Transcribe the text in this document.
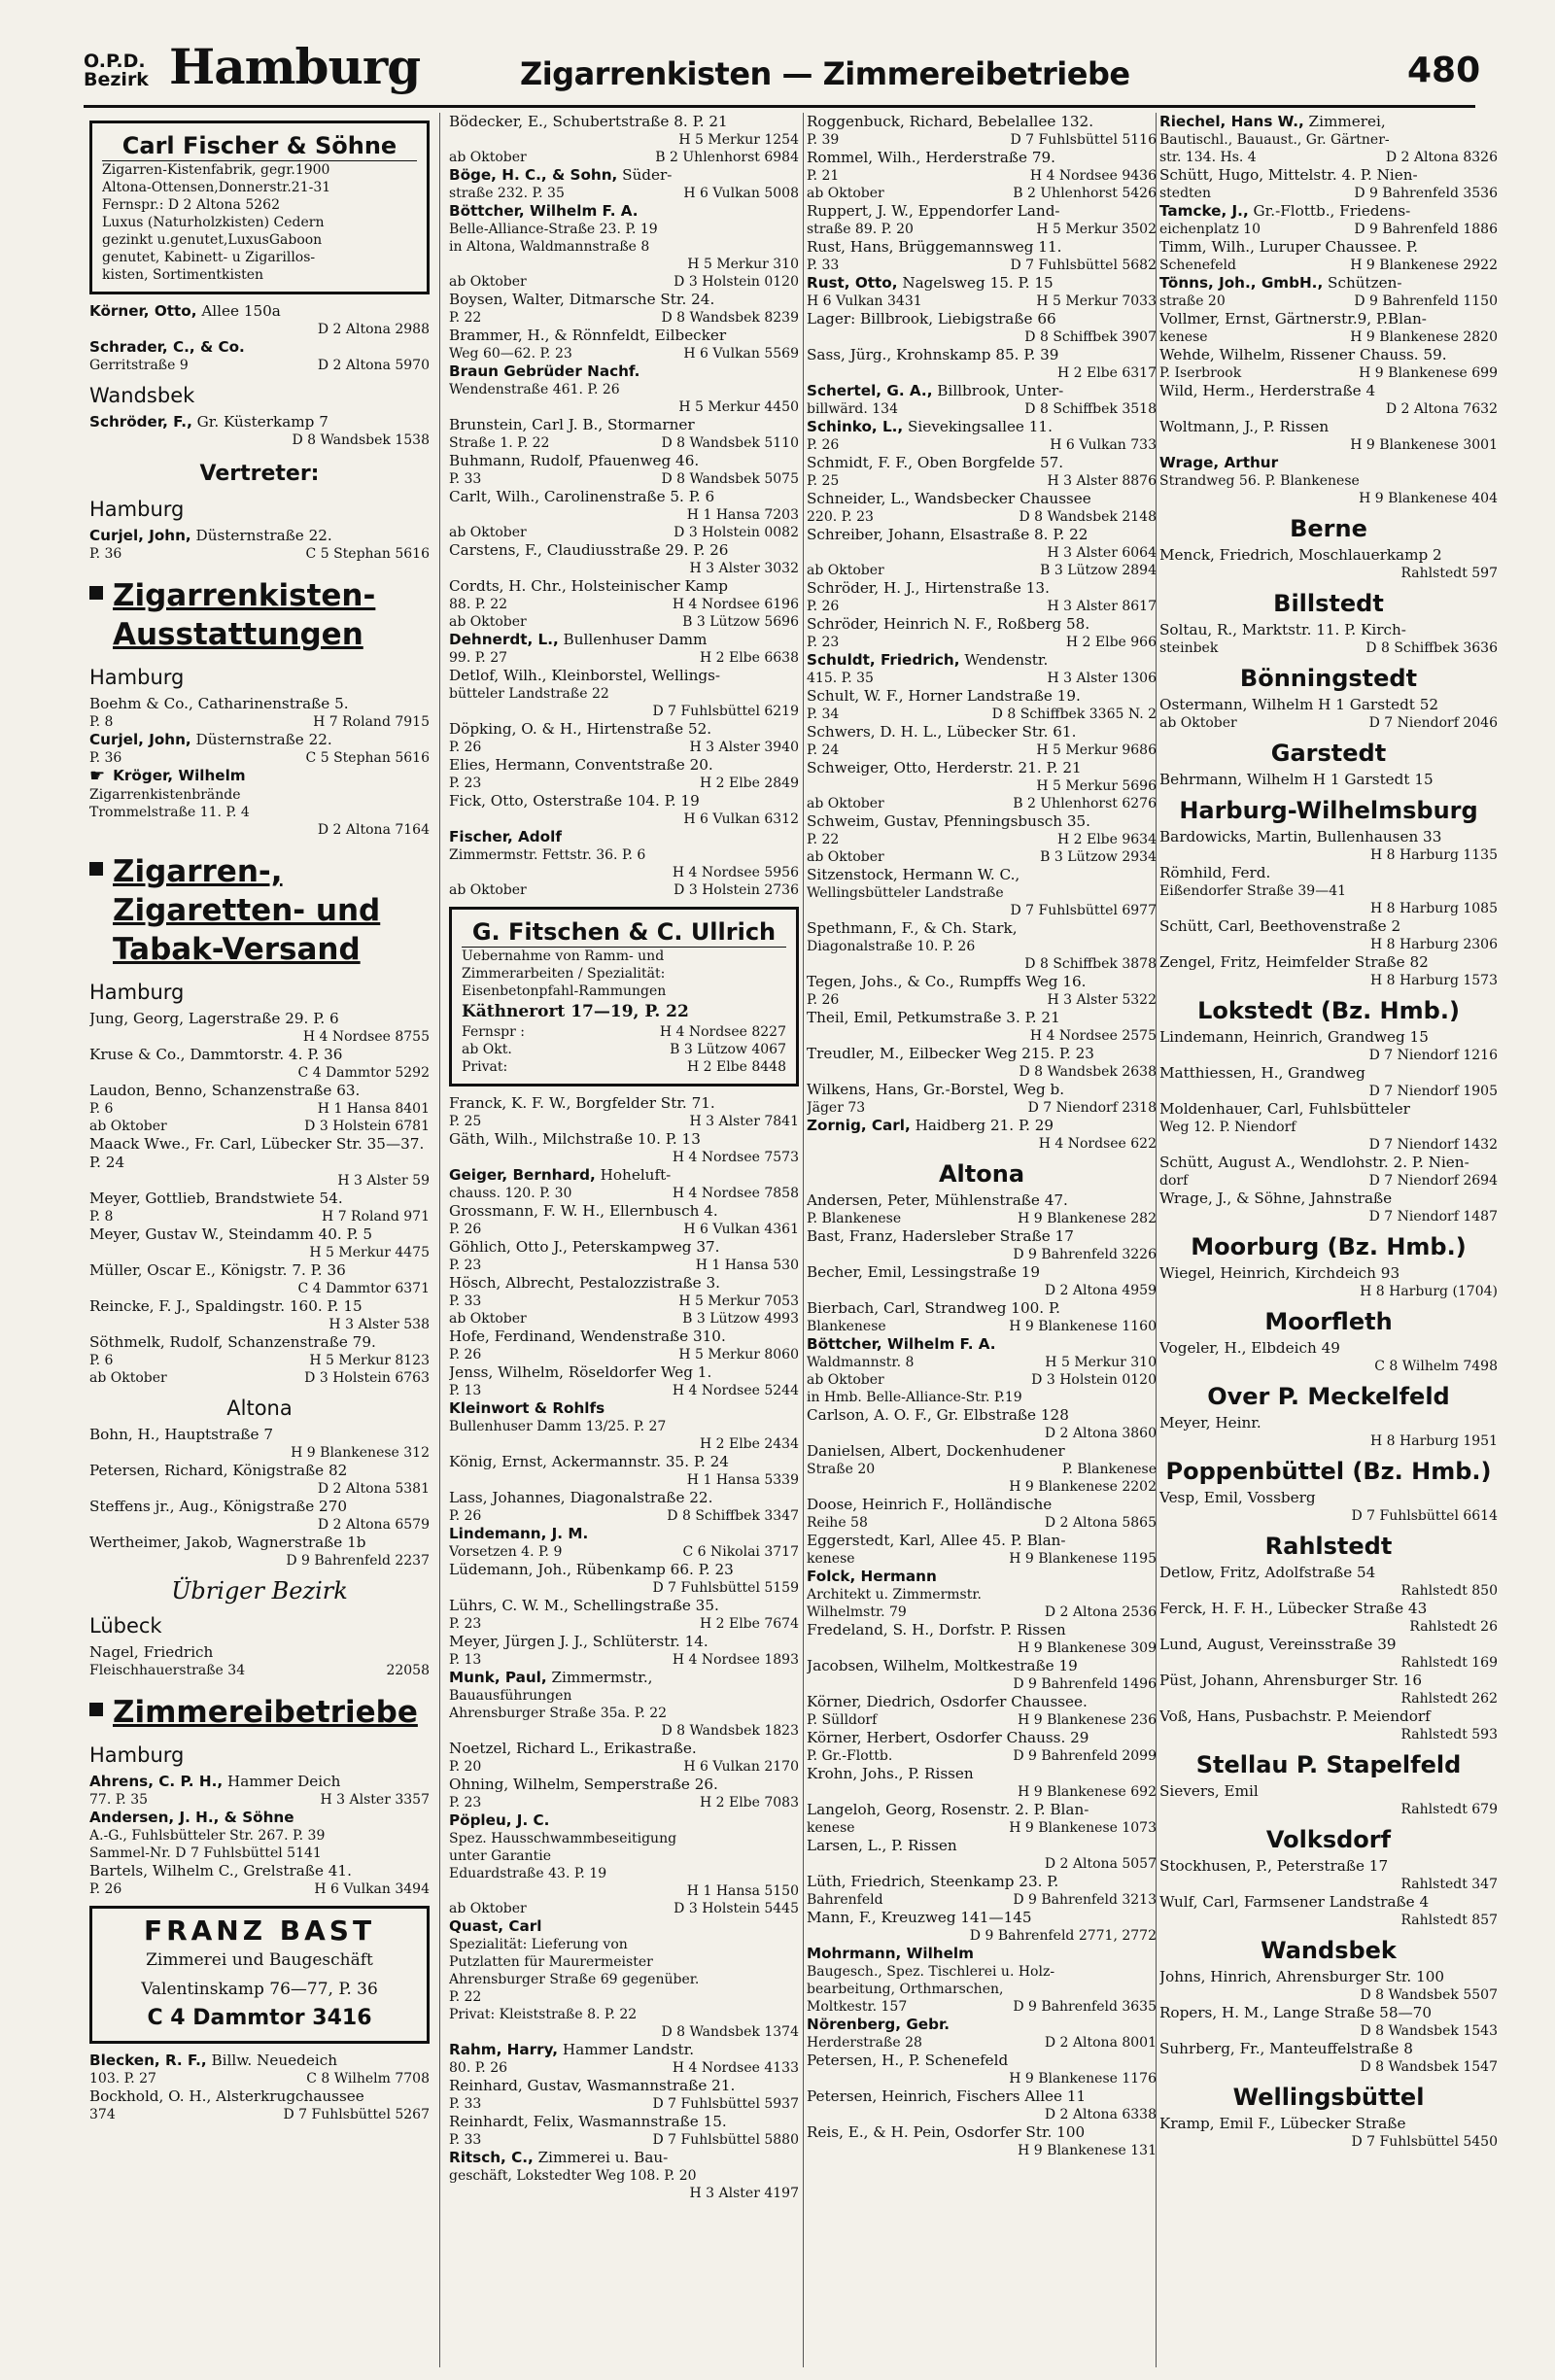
O.P.D.
Bezirk Hamburg	Zigarrenkisten — Zimmereibetriebe	480
Carl Fischer & Söhne
Zigarren-Kistenfabrik, gegr.1900
Altona-Ottensen,Donnerstr.21-31
Fernspr.: D 2 Altona 5262
Luxus (Naturholzkisten) Cedern
gezinkt u.genutet,LuxusGaboon
genutet, Kabinett- u Zigarillos-
kisten, Sortimentkisten
Körner, Otto, Allee 150a
D 2 Altona 2988
Schrader, C., & Co.
Gerritstraße 9	D 2 Altona 5970
Wandsbek
Schröder, F., Gr. Küsterkamp 7
D 8 Wandsbek 1538
Vertreter:
Hamburg
Curjel, John, Düsternstraße 22.
P. 36	C 5 Stephan 5616
Zigarrenkisten-Ausstattungen
Hamburg
Boehm & Co., Catharinenstraße 5.
P. 8	H 7 Roland 7915
Curjel, John, Düsternstraße 22.
P. 36	C 5 Stephan 5616
☛ Kröger, Wilhelm
Zigarrenkistenbrände
Trommelstraße 11. P. 4
D 2 Altona 7164
Zigarren-, Zigaretten- und Tabak-Versand
Hamburg
Jung, Georg, Lagerstraße 29. P. 6
H 4 Nordsee 8755
Kruse & Co., Dammtorstr. 4. P. 36
C 4 Dammtor 5292
Laudon, Benno, Schanzenstraße 63.
P. 6	H 1 Hansa 8401
ab Oktober	D 3 Holstein 6781
Maack Wwe., Fr. Carl, Lübecker Str. 35—37. P. 24
H 3 Alster 59
Meyer, Gottlieb, Brandstwiete 54.
P. 8	H 7 Roland 971
Meyer, Gustav W., Steindamm 40. P. 5
H 5 Merkur 4475
Müller, Oscar E., Königstr. 7. P. 36
C 4 Dammtor 6371
Reincke, F. J., Spaldingstr. 160. P. 15
H 3 Alster 538
Söthmelk, Rudolf, Schanzenstraße 79.
P. 6	H 5 Merkur 8123
ab Oktober	D 3 Holstein 6763
Altona
Bohn, H., Hauptstraße 7
H 9 Blankenese 312
Petersen, Richard, Königstraße 82
D 2 Altona 5381
Steffens jr., Aug., Königstraße 270
D 2 Altona 6579
Wertheimer, Jakob, Wagnerstraße 1b
D 9 Bahrenfeld 2237
Übriger Bezirk
Lübeck
Nagel, Friedrich
Fleischhauerstraße 34	22058
Zimmereibetriebe
Hamburg
Ahrens, C. P. H., Hammer Deich
77. P. 35	H 3 Alster 3357
Andersen, J. H., & Söhne
A.-G., Fuhlsbütteler Str. 267. P. 39
Sammel-Nr. D 7 Fuhlsbüttel 5141
Bartels, Wilhelm C., Grelstraße 41.
P. 26	H 6 Vulkan 3494
FRANZ BAST
Zimmerei und Baugeschäft
Valentinskamp 76—77, P. 36
C 4 Dammtor 3416
Blecken, R. F., Billw. Neuedeich
103. P. 27	C 8 Wilhelm 7708
Bockhold, O. H., Alsterkrugchaussee
374	D 7 Fuhlsbüttel 5267
Bödecker, E., Schubertstraße 8. P. 21
H 5 Merkur 1254
ab Oktober	B 2 Uhlenhorst 6984
Böge, H. C., & Sohn, Süder-
straße 232. P. 35	H 6 Vulkan 5008
Böttcher, Wilhelm F. A.
Belle-Alliance-Straße 23. P. 19
in Altona, Waldmannstraße 8
H 5 Merkur 310
ab Oktober	D 3 Holstein 0120
Boysen, Walter, Ditmarsche Str. 24.
P. 22	D 8 Wandsbek 8239
Brammer, H., & Rönnfeldt, Eilbecker
Weg 60—62. P. 23	H 6 Vulkan 5569
Braun Gebrüder Nachf.
Wendenstraße 461. P. 26
H 5 Merkur 4450
Brunstein, Carl J. B., Stormarner
Straße 1. P. 22	D 8 Wandsbek 5110
Buhmann, Rudolf, Pfauenweg 46.
P. 33	D 8 Wandsbek 5075
Carlt, Wilh., Carolinenstraße 5. P. 6
H 1 Hansa 7203
ab Oktober	D 3 Holstein 0082
Carstens, F., Claudiusstraße 29. P. 26
H 3 Alster 3032
Cordts, H. Chr., Holsteinischer Kamp
88. P. 22	H 4 Nordsee 6196
ab Oktober	B 3 Lützow 5696
Dehnerdt, L., Bullenhuser Damm
99. P. 27	H 2 Elbe 6638
Detlof, Wilh., Kleinborstel, Wellings-
bütteler Landstraße 22
D 7 Fuhlsbüttel 6219
Döpking, O. & H., Hirtenstraße 52.
P. 26	H 3 Alster 3940
Elies, Hermann, Conventstraße 20.
P. 23	H 2 Elbe 2849
Fick, Otto, Osterstraße 104. P. 19
H 6 Vulkan 6312
Fischer, Adolf
Zimmermstr. Fettstr. 36. P. 6
H 4 Nordsee 5956
ab Oktober	D 3 Holstein 2736
G. Fitschen & C. Ullrich
Uebernahme von Ramm- und
Zimmerarbeiten / Spezialität:
Eisenbetonpfahl-Rammungen
Käthnerort 17—19, P. 22
Fernspr :	H 4 Nordsee 8227
ab Okt.	B 3 Lützow 4067
Privat:	H 2 Elbe 8448
Franck, K. F. W., Borgfelder Str. 71.
P. 25	H 3 Alster 7841
Gäth, Wilh., Milchstraße 10. P. 13
H 4 Nordsee 7573
Geiger, Bernhard, Hoheluft-
chauss. 120. P. 30	H 4 Nordsee 7858
Grossmann, F. W. H., Ellernbusch 4.
P. 26	H 6 Vulkan 4361
Göhlich, Otto J., Peterskampweg 37.
P. 23	H 1 Hansa 530
Hösch, Albrecht, Pestalozzistraße 3.
P. 33	H 5 Merkur 7053
ab Oktober	B 3 Lützow 4993
Hofe, Ferdinand, Wendenstraße 310.
P. 26	H 5 Merkur 8060
Jenss, Wilhelm, Röseldorfer Weg 1.
P. 13	H 4 Nordsee 5244
Kleinwort & Rohlfs
Bullenhuser Damm 13/25. P. 27
H 2 Elbe 2434
König, Ernst, Ackermannstr. 35. P. 24
H 1 Hansa 5339
Lass, Johannes, Diagonalstraße 22.
P. 26	D 8 Schiffbek 3347
Lindemann, J. M.
Vorsetzen 4. P. 9	C 6 Nikolai 3717
Lüdemann, Joh., Rübenkamp 66. P. 23
D 7 Fuhlsbüttel 5159
Lührs, C. W. M., Schellingstraße 35.
P. 23	H 2 Elbe 7674
Meyer, Jürgen J. J., Schlüterstr. 14.
P. 13	H 4 Nordsee 1893
Munk, Paul, Zimmermstr.,
Bauausführungen
Ahrensburger Straße 35a. P. 22
D 8 Wandsbek 1823
Noetzel, Richard L., Erikastraße.
P. 20	H 6 Vulkan 2170
Ohning, Wilhelm, Semperstraße 26.
P. 23	H 2 Elbe 7083
Pöpleu, J. C.
Spez. Hausschwammbeseitigung
unter Garantie
Eduardstraße 43. P. 19
H 1 Hansa 5150
ab Oktober	D 3 Holstein 5445
Quast, Carl
Spezialität: Lieferung von
Putzlatten für Maurermeister
Ahrensburger Straße 69 gegenüber.
P. 22
Privat: Kleiststraße 8. P. 22
D 8 Wandsbek 1374
Rahm, Harry, Hammer Landstr.
80. P. 26	H 4 Nordsee 4133
Reinhard, Gustav, Wasmannstraße 21.
P. 33	D 7 Fuhlsbüttel 5937
Reinhardt, Felix, Wasmannstraße 15.
P. 33	D 7 Fuhlsbüttel 5880
Ritsch, C., Zimmerei u. Bau-
geschäft, Lokstedter Weg 108. P. 20
H 3 Alster 4197
Roggenbuck, Richard, Bebelallee 132.
P. 39	D 7 Fuhlsbüttel 5116
Rommel, Wilh., Herderstraße 79.
P. 21	H 4 Nordsee 9436
ab Oktober	B 2 Uhlenhorst 5426
Ruppert, J. W., Eppendorfer Land-
straße 89. P. 20	H 5 Merkur 3502
Rust, Hans, Brüggemannsweg 11.
P. 33	D 7 Fuhlsbüttel 5682
Rust, Otto, Nagelsweg 15. P. 15
H 6 Vulkan 3431	H 5 Merkur 7033
Lager: Billbrook, Liebigstraße 66
D 8 Schiffbek 3907
Sass, Jürg., Krohnskamp 85. P. 39
H 2 Elbe 6317
Schertel, G. A., Billbrook, Unter-
billwärd. 134	D 8 Schiffbek 3518
Schinko, L., Sievekingsallee 11.
P. 26	H 6 Vulkan 733
Schmidt, F. F., Oben Borgfelde 57.
P. 25	H 3 Alster 8876
Schneider, L., Wandsbecker Chaussee
220. P. 23	D 8 Wandsbek 2148
Schreiber, Johann, Elsastraße 8. P. 22
H 3 Alster 6064
ab Oktober	B 3 Lützow 2894
Schröder, H. J., Hirtenstraße 13.
P. 26	H 3 Alster 8617
Schröder, Heinrich N. F., Roßberg 58.
P. 23	H 2 Elbe 966
Schuldt, Friedrich, Wendenstr.
415. P. 35	H 3 Alster 1306
Schult, W. F., Horner Landstraße 19.
P. 34	D 8 Schiffbek 3365 N. 2
Schwers, D. H. L., Lübecker Str. 61.
P. 24	H 5 Merkur 9686
Schweiger, Otto, Herderstr. 21. P. 21
H 5 Merkur 5696
ab Oktober	B 2 Uhlenhorst 6276
Schweim, Gustav, Pfenningsbusch 35.
P. 22	H 2 Elbe 9634
ab Oktober	B 3 Lützow 2934
Sitzenstock, Hermann W. C.,
Wellingsbütteler Landstraße
D 7 Fuhlsbüttel 6977
Spethmann, F., & Ch. Stark,
Diagonalstraße 10. P. 26
D 8 Schiffbek 3878
Tegen, Johs., & Co., Rumpffs Weg 16.
P. 26	H 3 Alster 5322
Theil, Emil, Petkumstraße 3. P. 21
H 4 Nordsee 2575
Treudler, M., Eilbecker Weg 215. P. 23
D 8 Wandsbek 2638
Wilkens, Hans, Gr.-Borstel, Weg b.
Jäger 73	D 7 Niendorf 2318
Zornig, Carl, Haidberg 21. P. 29
H 4 Nordsee 622
Altona
Andersen, Peter, Mühlenstraße 47.
P. Blankenese	H 9 Blankenese 282
Bast, Franz, Hadersleber Straße 17
D 9 Bahrenfeld 3226
Becher, Emil, Lessingstraße 19
D 2 Altona 4959
Bierbach, Carl, Strandweg 100. P.
Blankenese	H 9 Blankenese 1160
Böttcher, Wilhelm F. A.
Waldmannstr. 8	H 5 Merkur 310
ab Oktober	D 3 Holstein 0120
in Hmb. Belle-Alliance-Str. P.19
Carlson, A. O. F., Gr. Elbstraße 128
D 2 Altona 3860
Danielsen, Albert, Dockenhudener
Straße 20	P. Blankenese
H 9 Blankenese 2202
Doose, Heinrich F., Holländische
Reihe 58	D 2 Altona 5865
Eggerstedt, Karl, Allee 45. P. Blan-
kenese	H 9 Blankenese 1195
Folck, Hermann
Architekt u. Zimmermstr.
Wilhelmstr. 79	D 2 Altona 2536
Fredeland, S. H., Dorfstr. P. Rissen
H 9 Blankenese 309
Jacobsen, Wilhelm, Moltkestraße 19
D 9 Bahrenfeld 1496
Körner, Diedrich, Osdorfer Chaussee.
P. Sülldorf	H 9 Blankenese 236
Körner, Herbert, Osdorfer Chauss. 29
P. Gr.-Flottb.	D 9 Bahrenfeld 2099
Krohn, Johs., P. Rissen
H 9 Blankenese 692
Langeloh, Georg, Rosenstr. 2. P. Blan-
kenese	H 9 Blankenese 1073
Larsen, L., P. Rissen
D 2 Altona 5057
Lüth, Friedrich, Steenkamp 23. P.
Bahrenfeld	D 9 Bahrenfeld 3213
Mann, F., Kreuzweg 141—145
D 9 Bahrenfeld 2771, 2772
Mohrmann, Wilhelm
Baugesch., Spez. Tischlerei u. Holz-
bearbeitung, Orthmarschen,
Moltkestr. 157	D 9 Bahrenfeld 3635
Nörenberg, Gebr.
Herderstraße 28	D 2 Altona 8001
Petersen, H., P. Schenefeld
H 9 Blankenese 1176
Petersen, Heinrich, Fischers Allee 11
D 2 Altona 6338
Reis, E., & H. Pein, Osdorfer Str. 100
H 9 Blankenese 131
Riechel, Hans W., Zimmerei,
Bautischl., Bauaust., Gr. Gärtner-
str. 134. Hs. 4	D 2 Altona 8326
Schütt, Hugo, Mittelstr. 4. P. Nien-
stedten	D 9 Bahrenfeld 3536
Tamcke, J., Gr.-Flottb., Friedens-
eichenplatz 10	D 9 Bahrenfeld 1886
Timm, Wilh., Luruper Chaussee. P.
Schenefeld	H 9 Blankenese 2922
Tönns, Joh., GmbH., Schützen-
straße 20	D 9 Bahrenfeld 1150
Vollmer, Ernst, Gärtnerstr.9, P.Blan-
kenese	H 9 Blankenese 2820
Wehde, Wilhelm, Rissener Chauss. 59.
P. Iserbrook	H 9 Blankenese 699
Wild, Herm., Herderstraße 4
D 2 Altona 7632
Woltmann, J., P. Rissen
H 9 Blankenese 3001
Wrage, Arthur
Strandweg 56. P. Blankenese
H 9 Blankenese 404
Berne
Menck, Friedrich, Moschlauerkamp 2
Rahlstedt 597
Billstedt
Soltau, R., Marktstr. 11. P. Kirch-
steinbek	D 8 Schiffbek 3636
Bönningstedt
Ostermann, Wilhelm H 1 Garstedt 52
ab Oktober	D 7 Niendorf 2046
Garstedt
Behrmann, Wilhelm H 1 Garstedt 15
Harburg-Wilhelmsburg
Bardowicks, Martin, Bullenhausen 33
H 8 Harburg 1135
Römhild, Ferd.
Eißendorfer Straße 39—41
H 8 Harburg 1085
Schütt, Carl, Beethovenstraße 2
H 8 Harburg 2306
Zengel, Fritz, Heimfelder Straße 82
H 8 Harburg 1573
Lokstedt (Bz. Hmb.)
Lindemann, Heinrich, Grandweg 15
D 7 Niendorf 1216
Matthiessen, H., Grandweg
D 7 Niendorf 1905
Moldenhauer, Carl, Fuhlsbütteler
Weg 12. P. Niendorf
D 7 Niendorf 1432
Schütt, August A., Wendlohstr. 2. P. Nien-
dorf	D 7 Niendorf 2694
Wrage, J., & Söhne, Jahnstraße
D 7 Niendorf 1487
Moorburg (Bz. Hmb.)
Wiegel, Heinrich, Kirchdeich 93
H 8 Harburg (1704)
Moorfleth
Vogeler, H., Elbdeich 49
C 8 Wilhelm 7498
Over P. Meckelfeld
Meyer, Heinr.
H 8 Harburg 1951
Poppenbüttel (Bz. Hmb.)
Vesp, Emil, Vossberg
D 7 Fuhlsbüttel 6614
Rahlstedt
Detlow, Fritz, Adolfstraße 54
Rahlstedt 850
Ferck, H. F. H., Lübecker Straße 43
Rahlstedt 26
Lund, August, Vereinsstraße 39
Rahlstedt 169
Püst, Johann, Ahrensburger Str. 16
Rahlstedt 262
Voß, Hans, Pusbachstr. P. Meiendorf
Rahlstedt 593
Stellau P. Stapelfeld
Sievers, Emil
Rahlstedt 679
Volksdorf
Stockhusen, P., Peterstraße 17
Rahlstedt 347
Wulf, Carl, Farmsener Landstraße 4
Rahlstedt 857
Wandsbek
Johns, Hinrich, Ahrensburger Str. 100
D 8 Wandsbek 5507
Ropers, H. M., Lange Straße 58—70
D 8 Wandsbek 1543
Suhrberg, Fr., Manteuffelstraße 8
D 8 Wandsbek 1547
Wellingsbüttel
Kramp, Emil F., Lübecker Straße
D 7 Fuhlsbüttel 5450
